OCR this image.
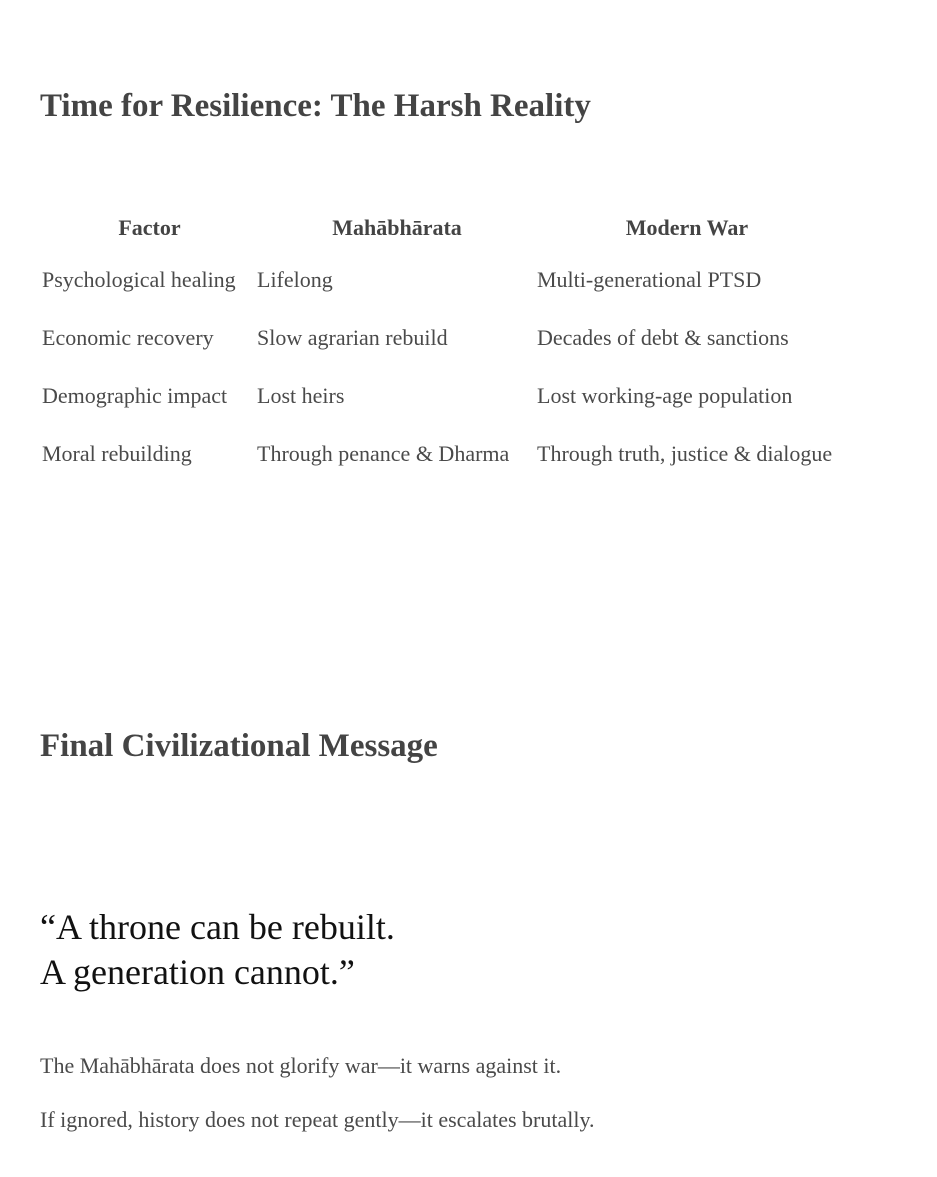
Time for Resilience: The Harsh Reality
Factor	Mahābhārata	Modern War
Psychological healing	Lifelong	Multi-generational PTSD
Economic recovery	Slow agrarian rebuild	Decades of debt & sanctions
Demographic impact	Lost heirs	Lost working-age population
Moral rebuilding	Through penance & Dharma	Through truth, justice & dialogue
Final Civilizational Message
“A throne can be rebuilt.
A generation cannot.”

The Mahābhārata does not glorify war—it warns against it.

If ignored, history does not repeat gently—it escalates brutally.
